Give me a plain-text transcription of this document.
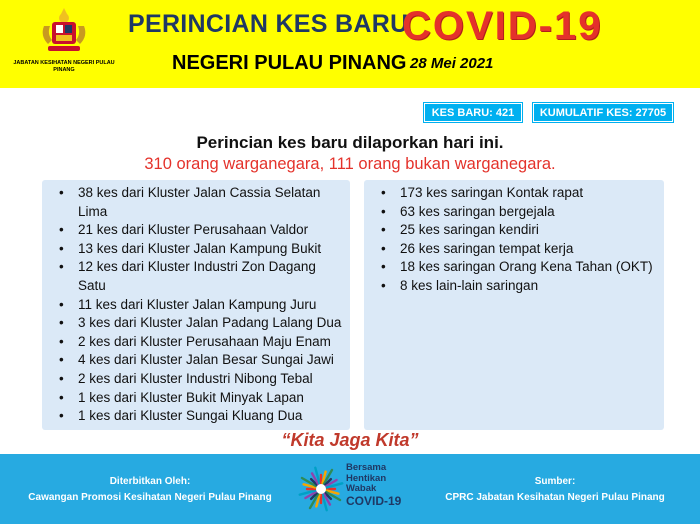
JABATAN KESIHATAN NEGERI PULAU PINANG
PERINCIAN KES BARU
COVID-19
NEGERI PULAU PINANG 28 Mei 2021
KES BARU: 421	KUMULATIF KES: 27705
Perincian kes baru dilaporkan hari ini.
310 orang warganegara, 111 orang bukan warganegara.
• 38 kes dari Kluster Jalan Cassia Selatan Lima
• 21 kes dari Kluster Perusahaan Valdor
• 13 kes dari Kluster Jalan Kampung Bukit
• 12 kes dari Kluster Industri Zon Dagang Satu
• 11 kes dari Kluster Jalan Kampung Juru
• 3 kes dari Kluster Jalan Padang Lalang Dua
• 2 kes dari Kluster Perusahaan Maju Enam
• 4 kes dari Kluster Jalan Besar Sungai Jawi
• 2 kes dari Kluster Industri Nibong Tebal
• 1 kes dari Kluster Bukit Minyak Lapan
• 1 kes dari Kluster Sungai Kluang Dua
• 173 kes saringan Kontak rapat
• 63 kes saringan bergejala
• 25 kes saringan kendiri
• 26 kes saringan tempat kerja
• 18 kes saringan Orang Kena Tahan (OKT)
• 8 kes lain-lain saringan
“Kita Jaga Kita”
Diterbitkan Oleh:
Cawangan Promosi Kesihatan Negeri Pulau Pinang
Bersama
Hentikan
Wabak
COVID-19
Sumber:
CPRC Jabatan Kesihatan Negeri Pulau Pinang
